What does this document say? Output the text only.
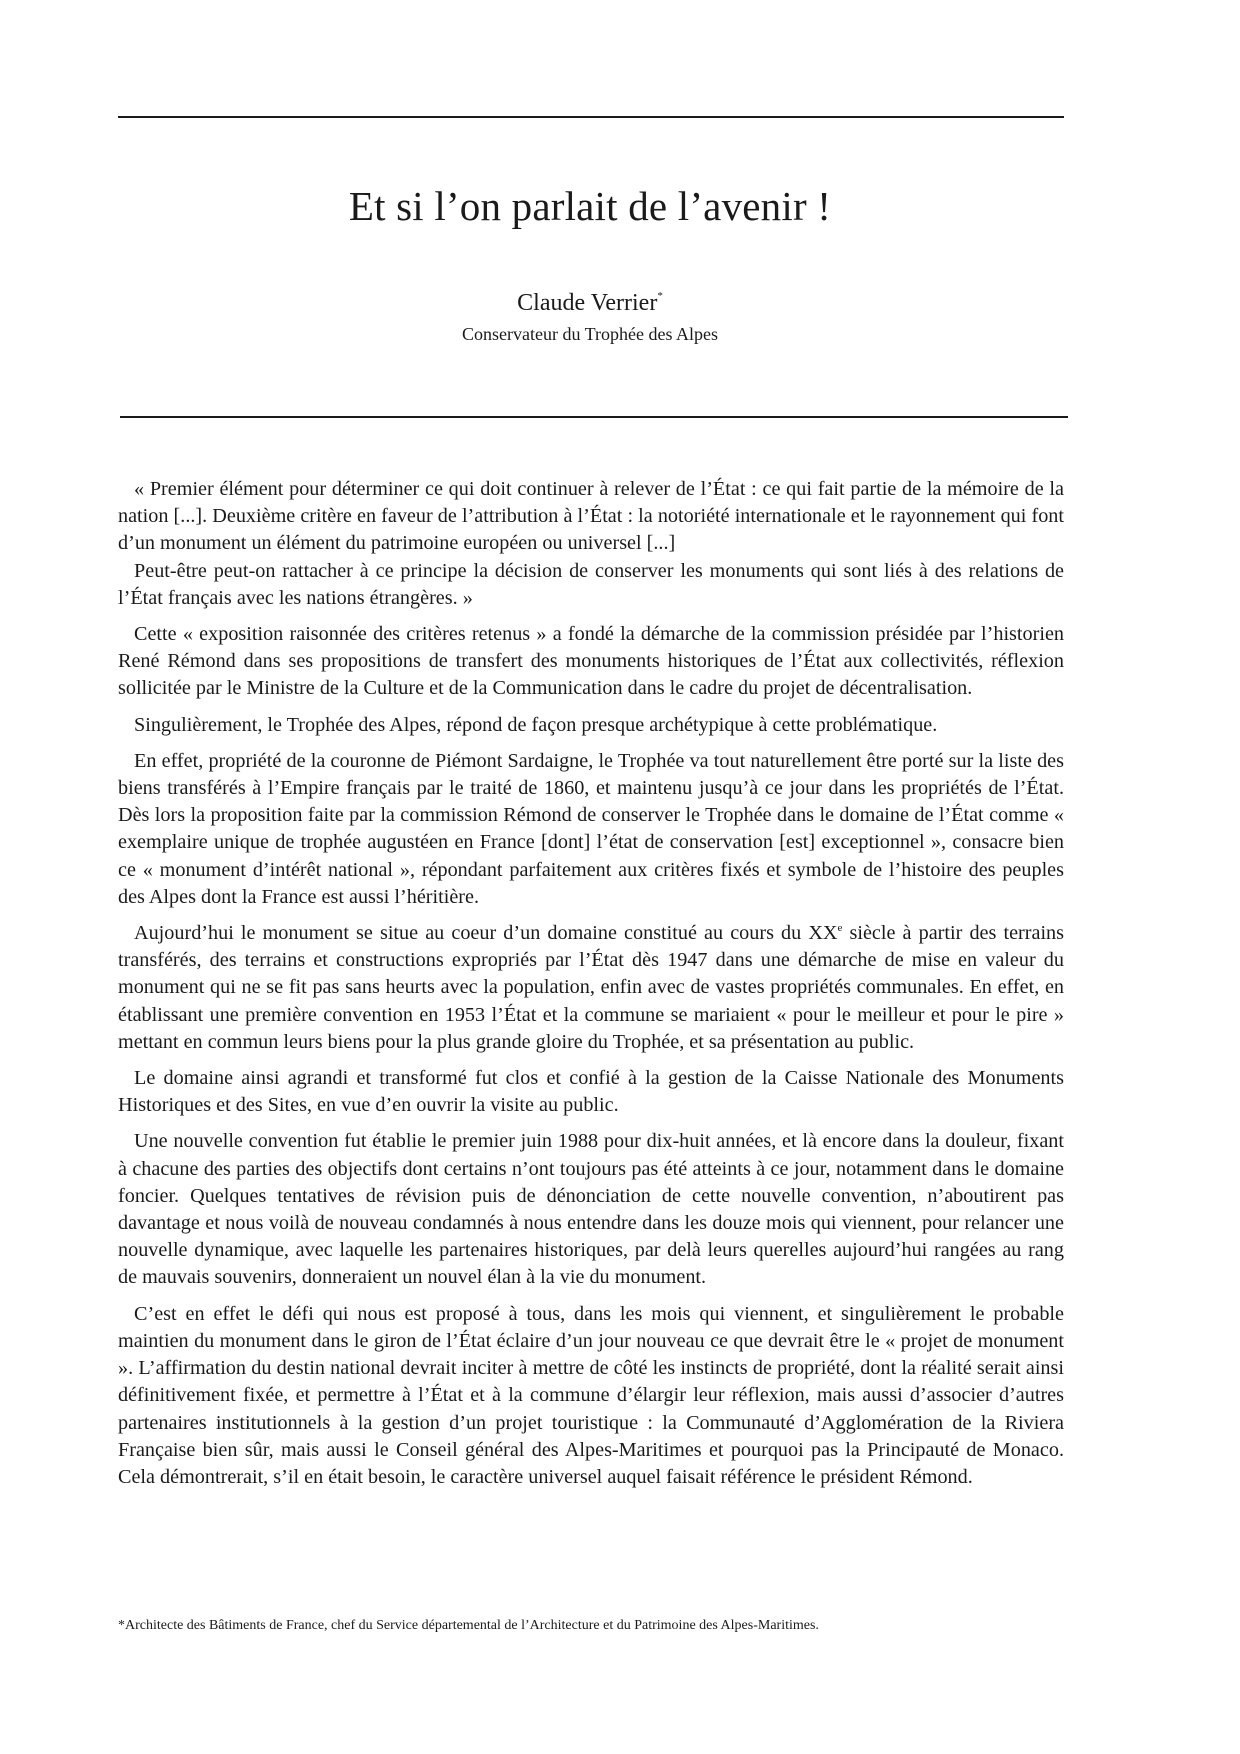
Et si l’on parlait de l’avenir !

Claude Verrier*

Conservateur du Trophée des Alpes

« Premier élément pour déterminer ce qui doit continuer à relever de l’État : ce qui fait partie de la mémoire de la nation [...]. Deuxième critère en faveur de l’attribution à l’État : la notoriété internationale et le rayonnement qui font d’un monument un élément du patrimoine européen ou universel [...]

Peut-être peut-on rattacher à ce principe la décision de conserver les monuments qui sont liés à des relations de l’État français avec les nations étrangères. »

Cette « exposition raisonnée des critères retenus » a fondé la démarche de la commission présidée par l’historien René Rémond dans ses propositions de transfert des monuments historiques de l’État aux collectivités, réflexion sollicitée par le Ministre de la Culture et de la Communication dans le cadre du projet de décentralisation.

Singulièrement, le Trophée des Alpes, répond de façon presque archétypique à cette problématique.

En effet, propriété de la couronne de Piémont Sardaigne, le Trophée va tout naturellement être porté sur la liste des biens transférés à l’Empire français par le traité de 1860, et maintenu jusqu’à ce jour dans les propriétés de l’État. Dès lors la proposition faite par la commission Rémond de conserver le Trophée dans le domaine de l’État comme « exemplaire unique de trophée augustéen en France [dont] l’état de conservation [est] exceptionnel », consacre bien ce « monument d’intérêt national », répondant parfaitement aux critères fixés et symbole de l’histoire des peuples des Alpes dont la France est aussi l’héritière.

Aujourd’hui le monument se situe au coeur d’un domaine constitué au cours du XXe siècle à partir des terrains transférés, des terrains et constructions expropriés par l’État dès 1947 dans une démarche de mise en valeur du monument qui ne se fit pas sans heurts avec la population, enfin avec de vastes propriétés communales. En effet, en établissant une première convention en 1953 l’État et la commune se mariaient « pour le meilleur et pour le pire » mettant en commun leurs biens pour la plus grande gloire du Trophée, et sa présentation au public.

Le domaine ainsi agrandi et transformé fut clos et confié à la gestion de la Caisse Nationale des Monuments Historiques et des Sites, en vue d’en ouvrir la visite au public.

Une nouvelle convention fut établie le premier juin 1988 pour dix-huit années, et là encore dans la douleur, fixant à chacune des parties des objectifs dont certains n’ont toujours pas été atteints à ce jour, notamment dans le domaine foncier. Quelques tentatives de révision puis de dénonciation de cette nouvelle convention, n’aboutirent pas davantage et nous voilà de nouveau condamnés à nous entendre dans les douze mois qui viennent, pour relancer une nouvelle dynamique, avec laquelle les partenaires historiques, par delà leurs querelles aujourd’hui rangées au rang de mauvais souvenirs, donneraient un nouvel élan à la vie du monument.

C’est en effet le défi qui nous est proposé à tous, dans les mois qui viennent, et singulièrement le probable maintien du monument dans le giron de l’État éclaire d’un jour nouveau ce que devrait être le « projet de monument ». L’affirmation du destin national devrait inciter à mettre de côté les instincts de propriété, dont la réalité serait ainsi définitivement fixée, et permettre à l’État et à la commune d’élargir leur réflexion, mais aussi d’associer d’autres partenaires institutionnels à la gestion d’un projet touristique : la Communauté d’Agglomération de la Riviera Française bien sûr, mais aussi le Conseil général des Alpes-Maritimes et pourquoi pas la Principauté de Monaco. Cela démontrerait, s’il en était besoin, le caractère universel auquel faisait référence le président Rémond.

*Architecte des Bâtiments de France, chef du Service départemental de l’Architecture et du Patrimoine des Alpes-Maritimes.
